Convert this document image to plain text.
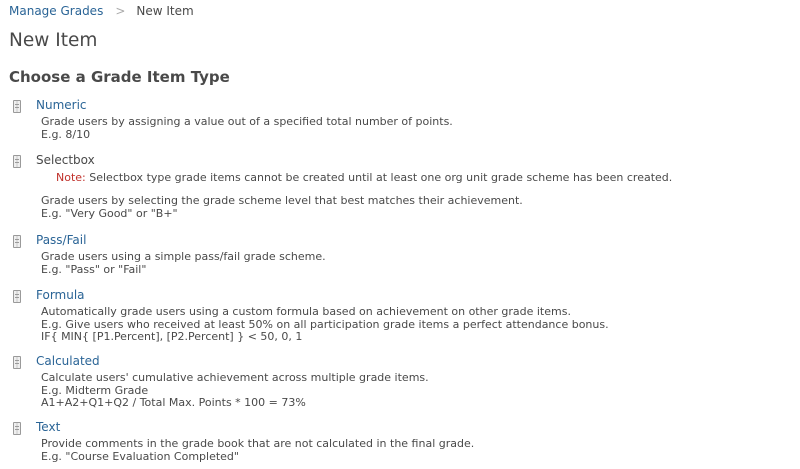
Manage Grades > New Item
New Item
Choose a Grade Item Type
Numeric
Grade users by assigning a value out of a specified total number of points.
E.g. 8/10
Selectbox
Note: Selectbox type grade items cannot be created until at least one org unit grade scheme has been created.
Grade users by selecting the grade scheme level that best matches their achievement.
E.g. "Very Good" or "B+"
Pass/Fail
Grade users using a simple pass/fail grade scheme.
E.g. "Pass" or "Fail"
Formula
Automatically grade users using a custom formula based on achievement on other grade items.
E.g. Give users who received at least 50% on all participation grade items a perfect attendance bonus.
IF{ MIN{ [P1.Percent], [P2.Percent] } < 50, 0, 1
Calculated
Calculate users' cumulative achievement across multiple grade items.
E.g. Midterm Grade
A1+A2+Q1+Q2 / Total Max. Points * 100 = 73%
Text
Provide comments in the grade book that are not calculated in the final grade.
E.g. "Course Evaluation Completed"
